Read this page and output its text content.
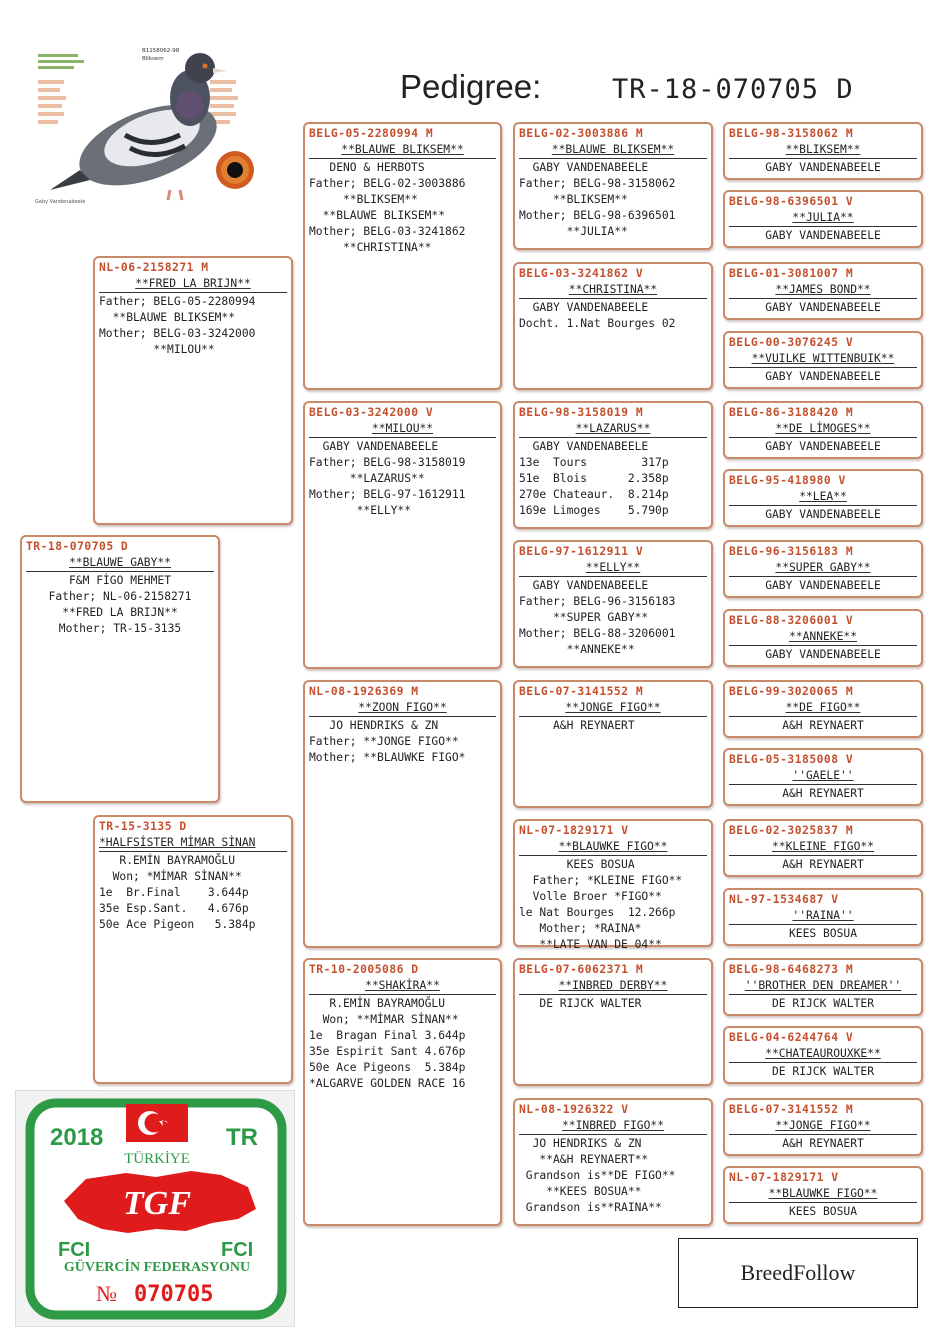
Pedigree:	TR-18-070705 D
B1158062-98
Bliksem
Gaby Vandenabeele
TR-18-070705 D
**BLAUWE GABY**
F&M FİGO MEHMET
Father; NL-06-2158271
**FRED LA BRIJN**
Mother; TR-15-3135
NL-06-2158271 M
**FRED LA BRIJN**
Father; BELG-05-2280994
**BLAUWE BLIKSEM**
Mother; BELG-03-3242000
**MILOU**
TR-15-3135 D
*HALFSİSTER MİMAR SİNAN
R.EMİN BAYRAMOĞLU
Won; *MİMAR SİNAN**
1e  Br.Final    3.644p
35e Esp.Sant.   4.676p
50e Ace Pigeon   5.384p
BELG-05-2280994 M
**BLAUWE BLIKSEM**
DENO & HERBOTS
Father; BELG-02-3003886
**BLIKSEM**
**BLAUWE BLIKSEM**
Mother; BELG-03-3241862
**CHRISTINA**
BELG-03-3242000 V
**MILOU**
GABY VANDENABEELE
Father; BELG-98-3158019
**LAZARUS**
Mother; BELG-97-1612911
**ELLY**
NL-08-1926369 M
**ZOON FIGO**
JO HENDRIKS & ZN
Father; **JONGE FIGO**
Mother; **BLAUWKE FIGO*
TR-10-2005086 D
**SHAKİRA**
R.EMİN BAYRAMOĞLU
Won; **MİMAR SİNAN**
1e  Bragan Final 3.644p
35e Espirit Sant 4.676p
50e Ace Pigeons  5.384p
*ALGARVE GOLDEN RACE 16
BELG-02-3003886 M
**BLAUWE BLIKSEM**
GABY VANDENABEELE
Father; BELG-98-3158062
**BLIKSEM**
Mother; BELG-98-6396501
**JULIA**
BELG-03-3241862 V
**CHRISTINA**
GABY VANDENABEELE
Docht. 1.Nat Bourges 02
BELG-98-3158019 M
**LAZARUS**
GABY VANDENABEELE
13e  Tours        317p
51e  Blois      2.358p
270e Chateaur.  8.214p
169e Limoges    5.790p
BELG-97-1612911 V
**ELLY**
GABY VANDENABEELE
Father; BELG-96-3156183
**SUPER GABY**
Mother; BELG-88-3206001
**ANNEKE**
BELG-07-3141552 M
**JONGE FIGO**
A&H REYNAERT
NL-07-1829171 V
**BLAUWKE FIGO**
KEES BOSUA
Father; *KLEINE FIGO**
Volle Broer *FIGO**
le Nat Bourges  12.266p
Mother; *RAINA*
**LATE VAN DE 04**
BELG-07-6062371 M
**INBRED DERBY**
DE RIJCK WALTER
NL-08-1926322 V
**INBRED FIGO**
JO HENDRIKS & ZN
**A&H REYNAERT**
Grandson is**DE FIGO**
**KEES BOSUA**
Grandson is**RAINA**
BELG-98-3158062 M
**BLIKSEM**
GABY VANDENABEELE
BELG-98-6396501 V
**JULIA**
GABY VANDENABEELE
BELG-01-3081007 M
**JAMES BOND**
GABY VANDENABEELE
BELG-00-3076245 V
**VUILKE WITTENBUIK**
GABY VANDENABEELE
BELG-86-3188420 M
**DE LİMOGES**
GABY VANDENABEELE
BELG-95-418980 V
**LEA**
GABY VANDENABEELE
BELG-96-3156183 M
**SUPER GABY**
GABY VANDENABEELE
BELG-88-3206001 V
**ANNEKE**
GABY VANDENABEELE
BELG-99-3020065 M
**DE FIGO**
A&H REYNAERT
BELG-05-3185008 V
''GAELE''
A&H REYNAERT
BELG-02-3025837 M
**KLEINE FIGO**
A&H REYNAERT
NL-97-1534687 V
''RAINA''
KEES BOSUA
BELG-98-6468273 M
''BROTHER DEN DREAMER''
DE RIJCK WALTER
BELG-04-6244764 V
**CHATEAUROUXKE**
DE RIJCK WALTER
BELG-07-3141552 M
**JONGE FIGO**
A&H REYNAERT
NL-07-1829171 V
**BLAUWKE FIGO**
KEES BOSUA
2018	TR
TÜRKİYE
TGF
FCI	FCI
GÜVERCİN FEDERASYONU
№ 070705
BreedFollow
